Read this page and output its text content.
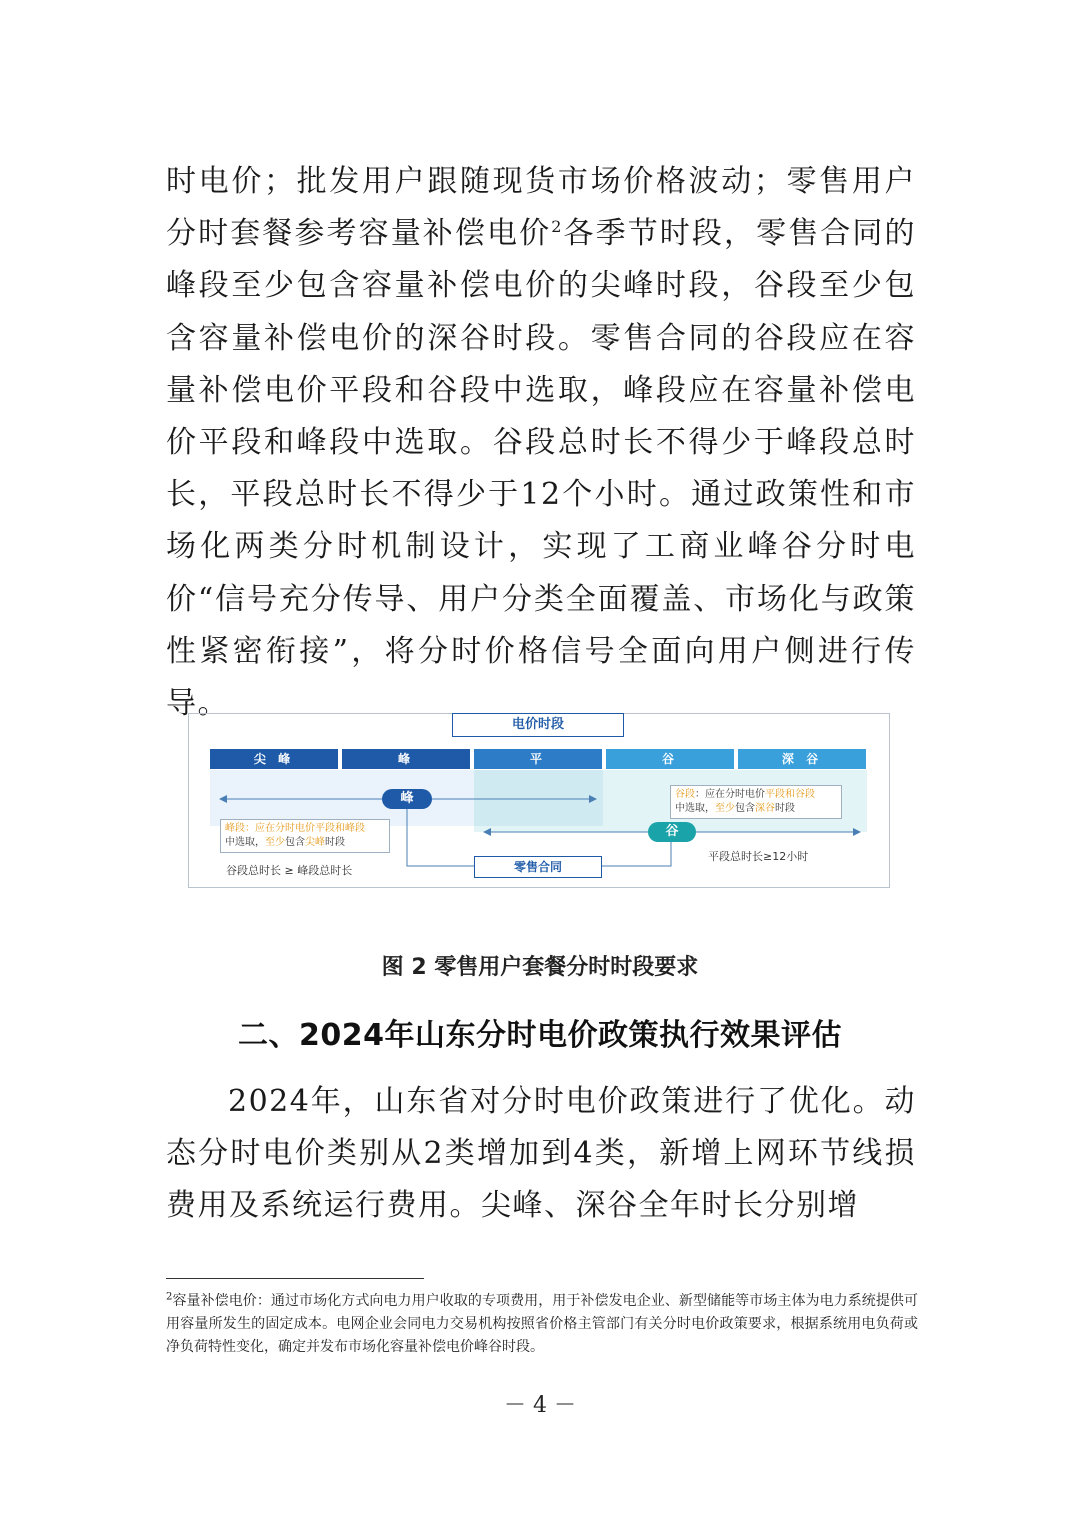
时电价；批发用户跟随现货市场价格波动；零售用户分时套餐参考容量补偿电价$^2$各季节时段，零售合同的峰段至少包含容量补偿电价的尖峰时段，谷段至少包含容量补偿电价的深谷时段。零售合同的谷段应在容量补偿电价平段和谷段中选取，峰段应在容量补偿电价平段和峰段中选取。谷段总时长不得少于峰段总时长，平段总时长不得少于12个小时。通过政策性和市场化两类分时机制设计，实现了工商业峰谷分时电价“信号充分传导、用户分类全面覆盖、市场化与政策性紧密衔接”，将分时价格信号全面向用户侧进行传导。

电价时段
尖 峰	峰	平	谷	深 谷
峰
谷
峰段：应在分时电价平段和峰段
中选取，至少包含尖峰时段
谷段：应在分时电价平段和谷段
中选取，至少包含深谷时段
谷段总时长 ≥ 峰段总时长
平段总时长≥12小时
零售合同
图 2 零售用户套餐分时时段要求
二、2024年山东分时电价政策执行效果评估

2024年，山东省对分时电价政策进行了优化。动态分时电价类别从2类增加到4类，新增上网环节线损费用及系统运行费用。尖峰、深谷全年时长分别增

$^2$容量补偿电价：通过市场化方式向电力用户收取的专项费用，用于补偿发电企业、新型储能等市场主体为电力系统提供可用容量所发生的固定成本。电网企业会同电力交易机构按照省价格主管部门有关分时电价政策要求，根据系统用电负荷或净负荷特性变化，确定并发布市场化容量补偿电价峰谷时段。

－ 4 －
